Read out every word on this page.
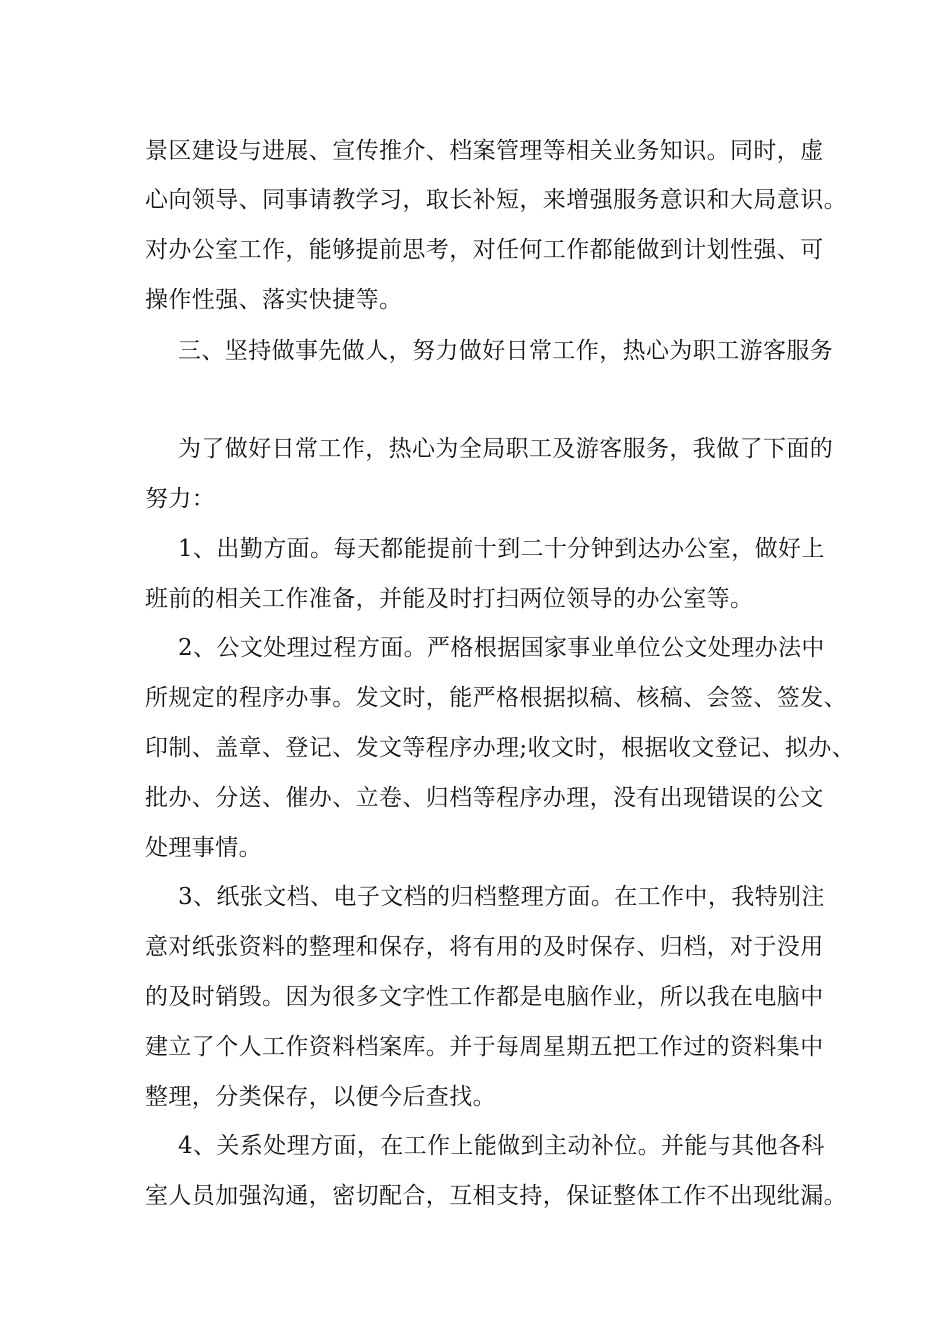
景区建设与进展、宣传推介、档案管理等相关业务知识。同时，虚
心向领导、同事请教学习，取长补短，来增强服务意识和大局意识。
对办公室工作，能够提前思考，对任何工作都能做到计划性强、可
操作性强、落实快捷等。
三、坚持做事先做人，努力做好日常工作，热心为职工游客服务
为了做好日常工作，热心为全局职工及游客服务，我做了下面的
努力：
1、出勤方面。每天都能提前十到二十分钟到达办公室，做好上
班前的相关工作准备，并能及时打扫两位领导的办公室等。
2、公文处理过程方面。严格根据国家事业单位公文处理办法中
所规定的程序办事。发文时，能严格根据拟稿、核稿、会签、签发、
印制、盖章、登记、发文等程序办理;收文时，根据收文登记、拟办、
批办、分送、催办、立卷、归档等程序办理，没有出现错误的公文
处理事情。
3、纸张文档、电子文档的归档整理方面。在工作中，我特别注
意对纸张资料的整理和保存，将有用的及时保存、归档，对于没用
的及时销毁。因为很多文字性工作都是电脑作业，所以我在电脑中
建立了个人工作资料档案库。并于每周星期五把工作过的资料集中
整理，分类保存，以便今后查找。
4、关系处理方面，在工作上能做到主动补位。并能与其他各科
室人员加强沟通，密切配合，互相支持，保证整体工作不出现纰漏。
